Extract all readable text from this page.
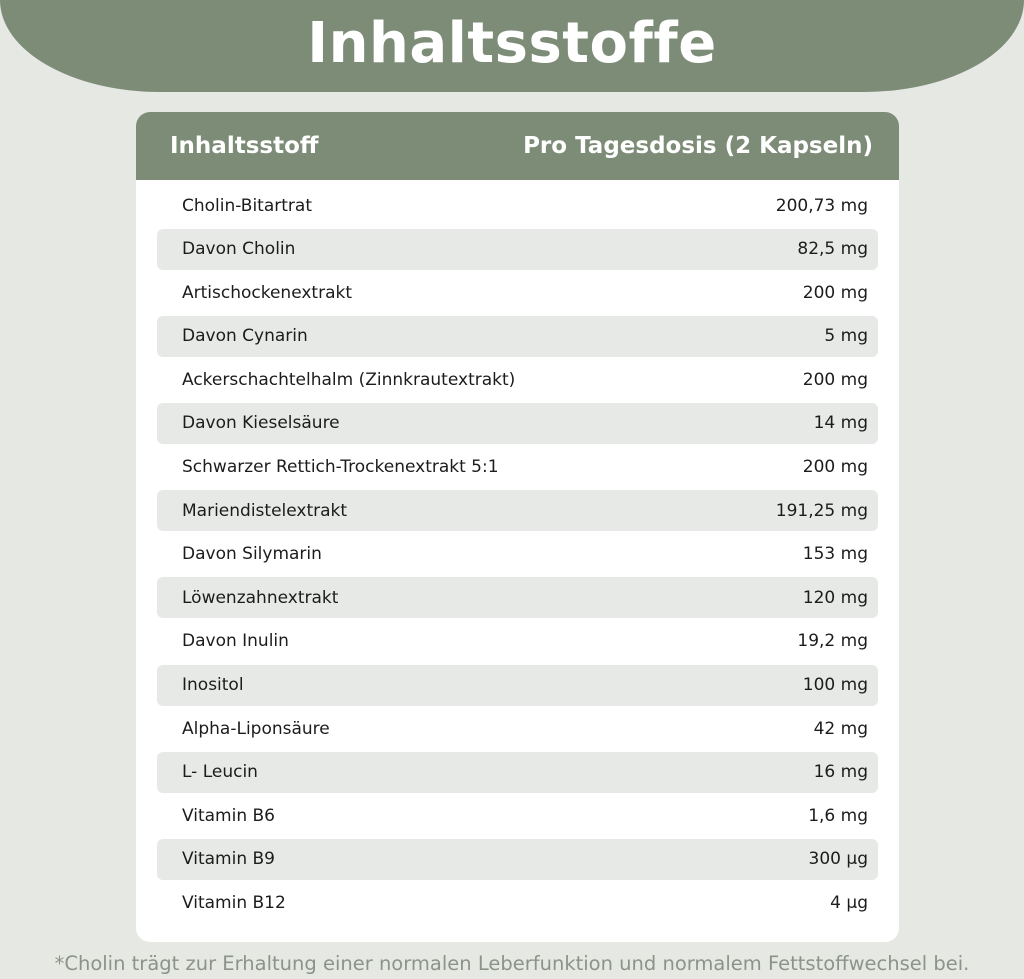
Inhaltsstoffe
Inhaltsstoff	Pro Tagesdosis (2 Kapseln)
Cholin-Bitartrat	200,73 mg
Davon Cholin	82,5 mg
Artischockenextrakt	200 mg
Davon Cynarin	5 mg
Ackerschachtelhalm (Zinnkrautextrakt)	200 mg
Davon Kieselsäure	14 mg
Schwarzer Rettich-Trockenextrakt 5:1	200 mg
Mariendistelextrakt	191,25 mg
Davon Silymarin	153 mg
Löwenzahnextrakt	120 mg
Davon Inulin	19,2 mg
Inositol	100 mg
Alpha-Liponsäure	42 mg
L- Leucin	16 mg
Vitamin B6	1,6 mg
Vitamin B9	300 µg
Vitamin B12	4 µg
*Cholin trägt zur Erhaltung einer normalen Leberfunktion und normalem Fettstoffwechsel bei.
